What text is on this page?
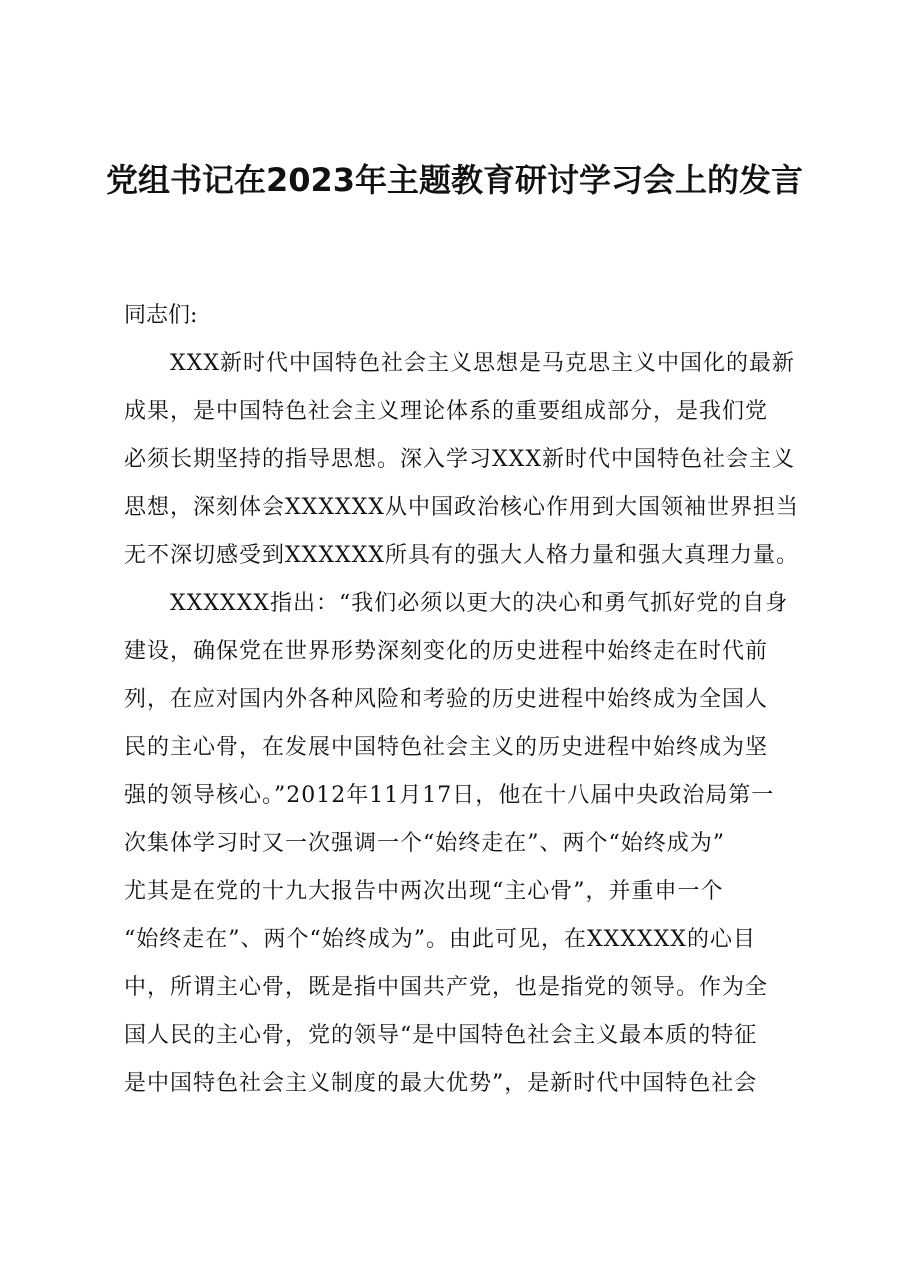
党组书记在2023年主题教育研讨学习会上的发言

同志们:

XXX新时代中国特色社会主义思想是马克思主义中国化的最新

成果，是中国特色社会主义理论体系的重要组成部分，是我们党

必须长期坚持的指导思想。深入学习XXX新时代中国特色社会主义

思想，深刻体会XXXXXX从中国政治核心作用到大国领袖世界担当

无不深切感受到XXXXXX所具有的强大人格力量和强大真理力量。

XXXXXX指出：“我们必须以更大的决心和勇气抓好党的自身

建设，确保党在世界形势深刻变化的历史进程中始终走在时代前

列，在应对国内外各种风险和考验的历史进程中始终成为全国人

民的主心骨，在发展中国特色社会主义的历史进程中始终成为坚

强的领导核心。”2012年11月17日，他在十八届中央政治局第一

次集体学习时又一次强调一个“始终走在”、两个“始终成为”

尤其是在党的十九大报告中两次出现“主心骨”，并重申一个

“始终走在”、两个“始终成为”。由此可见，在XXXXXX的心目

中，所谓主心骨，既是指中国共产党，也是指党的领导。作为全

国人民的主心骨，党的领导“是中国特色社会主义最本质的特征

是中国特色社会主义制度的最大优势”，是新时代中国特色社会
